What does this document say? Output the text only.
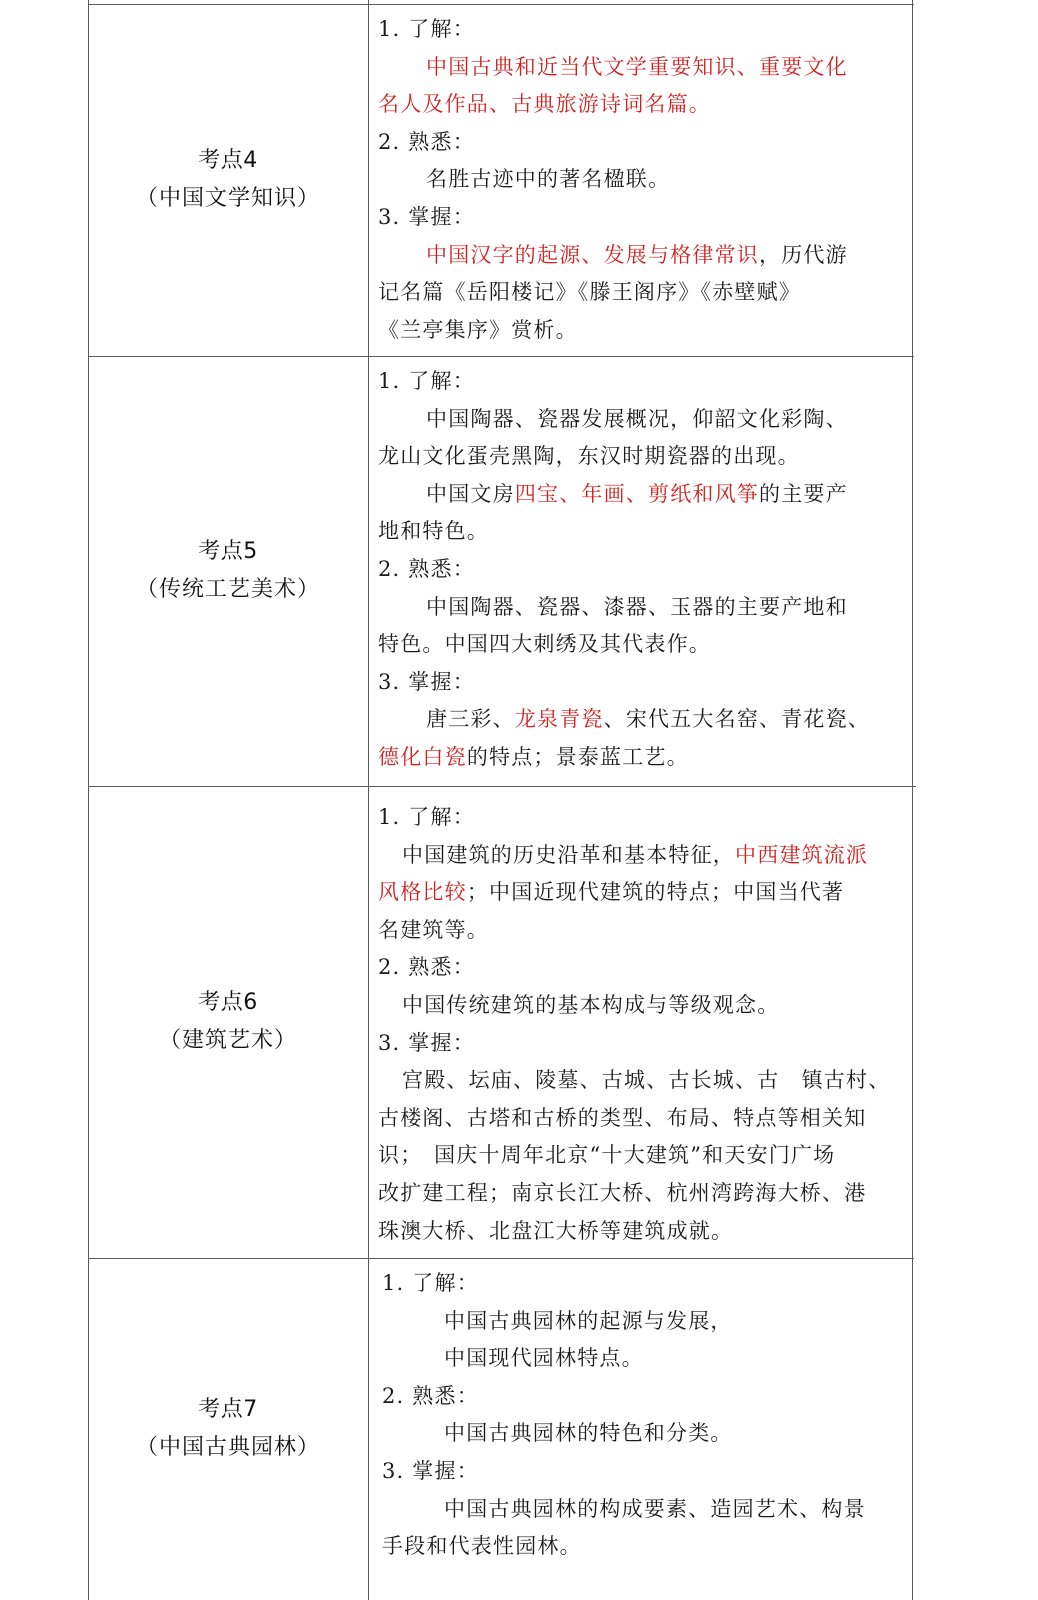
考点4
（中国文学知识）
1. 了解：
中国古典和近当代文学重要知识、重要文化
名人及作品、古典旅游诗词名篇。
2. 熟悉：
名胜古迹中的著名楹联。
3. 掌握：
中国汉字的起源、发展与格律常识，历代游
记名篇《岳阳楼记》《滕王阁序》《赤壁赋》
《兰亭集序》赏析。
考点5
（传统工艺美术）
1. 了解：
中国陶器、瓷器发展概况，仰韶文化彩陶、
龙山文化蛋壳黑陶，东汉时期瓷器的出现。
中国文房四宝、年画、剪纸和风筝的主要产
地和特色。
2. 熟悉：
中国陶器、瓷器、漆器、玉器的主要产地和
特色。中国四大刺绣及其代表作。
3. 掌握：
唐三彩、龙泉青瓷、宋代五大名窑、青花瓷、
德化白瓷的特点；景泰蓝工艺。
考点6
（建筑艺术）
1. 了解：
中国建筑的历史沿革和基本特征，中西建筑流派
风格比较；中国近现代建筑的特点；中国当代著
名建筑等。
2. 熟悉：
中国传统建筑的基本构成与等级观念。
3. 掌握：
宫殿、坛庙、陵墓、古城、古长城、古　镇古村、
古楼阁、古塔和古桥的类型、布局、特点等相关知
识；　国庆十周年北京“十大建筑”和天安门广场
改扩建工程；南京长江大桥、杭州湾跨海大桥、港
珠澳大桥、北盘江大桥等建筑成就。
考点7
（中国古典园林）
1. 了解：
中国古典园林的起源与发展，
中国现代园林特点。
2. 熟悉：
中国古典园林的特色和分类。
3. 掌握：
中国古典园林的构成要素、造园艺术、构景
手段和代表性园林。
